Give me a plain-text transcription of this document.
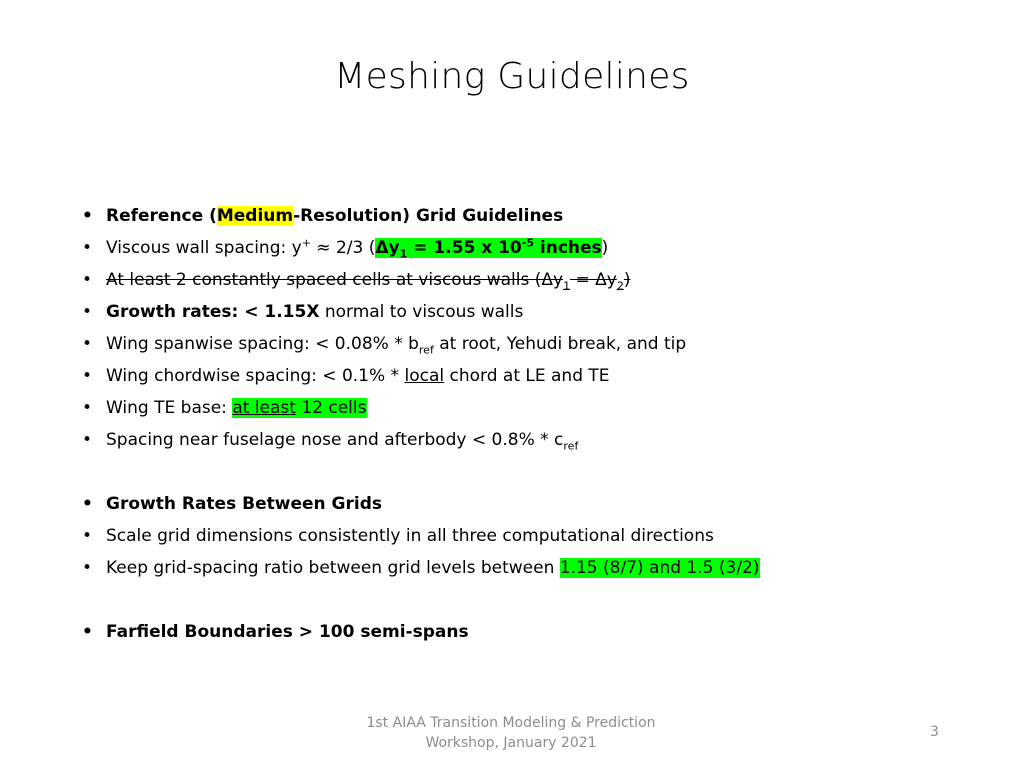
Meshing Guidelines
• Reference (Medium-Resolution) Grid Guidelines
• Viscous wall spacing: y+ ≈ 2/3 ($\Delta y_1 = 1.55$ x $10^{-5}$ inches)
• At least 2 constantly spaced cells at viscous walls $(\Delta y_1 = \Delta y_2)$
• Growth rates: < 1.15X normal to viscous walls
• Wing spanwise spacing: < $0.08\% * b_{ref}$ at root, Yehudi break, and tip
• Wing chordwise spacing: < 0.1% * local chord at LE and TE
• Wing TE base: at least 12 cells
• Spacing near fuselage nose and afterbody < $0.8\% * c_{ref}$
• Growth Rates Between Grids
• Scale grid dimensions consistently in all three computational directions
• Keep grid-spacing ratio between grid levels between 1.15 (8/7) and 1.5 (3/2)
• Farfield Boundaries > 100 semi-spans
1st AIAA Transition Modeling & Prediction
Workshop, January 2021
3
